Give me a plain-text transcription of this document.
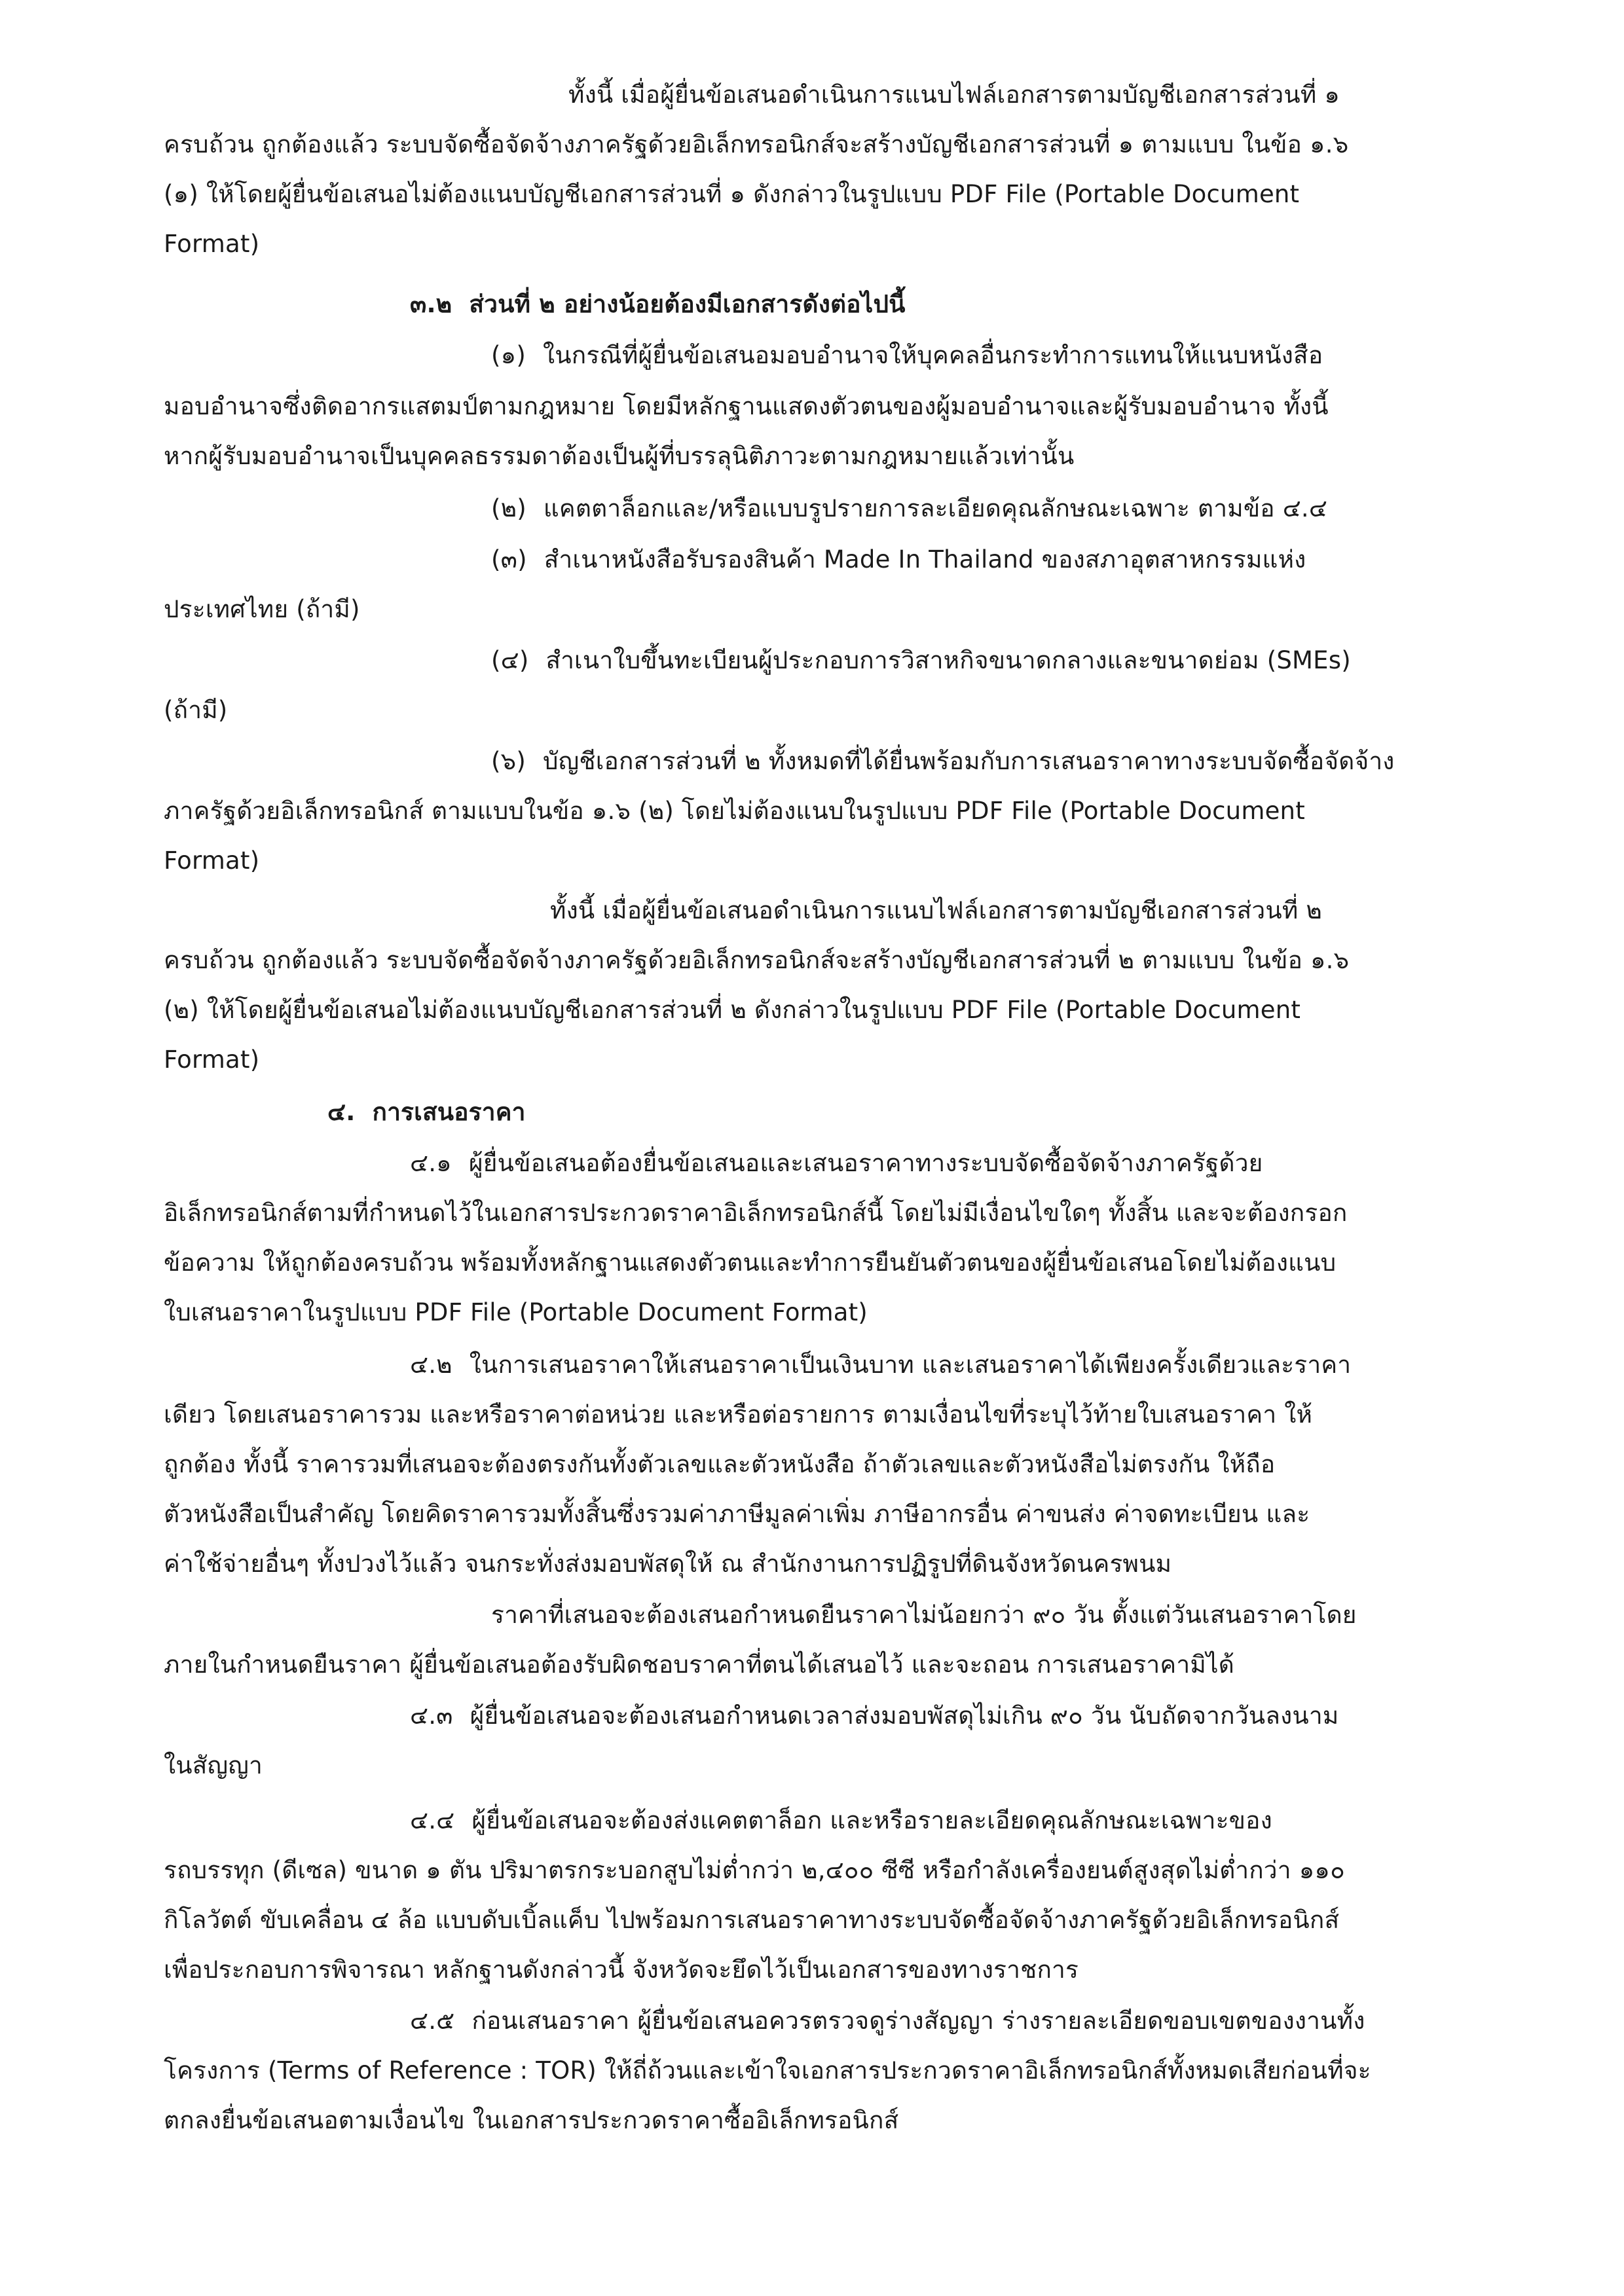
ทั้งนี้ เมื่อผู้ยื่นข้อเสนอดำเนินการแนบไฟล์เอกสารตามบัญชีเอกสารส่วนที่ ๑
ครบถ้วน ถูกต้องแล้ว ระบบจัดซื้อจัดจ้างภาครัฐด้วยอิเล็กทรอนิกส์จะสร้างบัญชีเอกสารส่วนที่ ๑ ตามแบบ ในข้อ ๑.๖
(๑) ให้โดยผู้ยื่นข้อเสนอไม่ต้องแนบบัญชีเอกสารส่วนที่ ๑ ดังกล่าวในรูปแบบ PDF File (Portable Document
Format)
๓.๒ ส่วนที่ ๒ อย่างน้อยต้องมีเอกสารดังต่อไปนี้
(๑) ในกรณีที่ผู้ยื่นข้อเสนอมอบอำนาจให้บุคคลอื่นกระทำการแทนให้แนบหนังสือ
มอบอำนาจซึ่งติดอากรแสตมป์ตามกฎหมาย โดยมีหลักฐานแสดงตัวตนของผู้มอบอำนาจและผู้รับมอบอำนาจ ทั้งนี้
หากผู้รับมอบอำนาจเป็นบุคคลธรรมดาต้องเป็นผู้ที่บรรลุนิติภาวะตามกฎหมายแล้วเท่านั้น
(๒) แคตตาล็อกและ/หรือแบบรูปรายการละเอียดคุณลักษณะเฉพาะ ตามข้อ ๔.๔
(๓) สำเนาหนังสือรับรองสินค้า Made In Thailand ของสภาอุตสาหกรรมแห่ง
ประเทศไทย (ถ้ามี)
(๔) สำเนาใบขึ้นทะเบียนผู้ประกอบการวิสาหกิจขนาดกลางและขนาดย่อม (SMEs)
(ถ้ามี)
(๖) บัญชีเอกสารส่วนที่ ๒ ทั้งหมดที่ได้ยื่นพร้อมกับการเสนอราคาทางระบบจัดซื้อจัดจ้าง
ภาครัฐด้วยอิเล็กทรอนิกส์ ตามแบบในข้อ ๑.๖ (๒) โดยไม่ต้องแนบในรูปแบบ PDF File (Portable Document
Format)
ทั้งนี้ เมื่อผู้ยื่นข้อเสนอดำเนินการแนบไฟล์เอกสารตามบัญชีเอกสารส่วนที่ ๒
ครบถ้วน ถูกต้องแล้ว ระบบจัดซื้อจัดจ้างภาครัฐด้วยอิเล็กทรอนิกส์จะสร้างบัญชีเอกสารส่วนที่ ๒ ตามแบบ ในข้อ ๑.๖
(๒) ให้โดยผู้ยื่นข้อเสนอไม่ต้องแนบบัญชีเอกสารส่วนที่ ๒ ดังกล่าวในรูปแบบ PDF File (Portable Document
Format)
๔. การเสนอราคา
๔.๑ ผู้ยื่นข้อเสนอต้องยื่นข้อเสนอและเสนอราคาทางระบบจัดซื้อจัดจ้างภาครัฐด้วย
อิเล็กทรอนิกส์ตามที่กำหนดไว้ในเอกสารประกวดราคาอิเล็กทรอนิกส์นี้ โดยไม่มีเงื่อนไขใดๆ ทั้งสิ้น และจะต้องกรอก
ข้อความ ให้ถูกต้องครบถ้วน พร้อมทั้งหลักฐานแสดงตัวตนและทำการยืนยันตัวตนของผู้ยื่นข้อเสนอโดยไม่ต้องแนบ
ใบเสนอราคาในรูปแบบ PDF File (Portable Document Format)
๔.๒ ในการเสนอราคาให้เสนอราคาเป็นเงินบาท และเสนอราคาได้เพียงครั้งเดียวและราคา
เดียว โดยเสนอราคารวม และหรือราคาต่อหน่วย และหรือต่อรายการ ตามเงื่อนไขที่ระบุไว้ท้ายใบเสนอราคา ให้
ถูกต้อง ทั้งนี้ ราคารวมที่เสนอจะต้องตรงกันทั้งตัวเลขและตัวหนังสือ ถ้าตัวเลขและตัวหนังสือไม่ตรงกัน ให้ถือ
ตัวหนังสือเป็นสำคัญ โดยคิดราคารวมทั้งสิ้นซึ่งรวมค่าภาษีมูลค่าเพิ่ม ภาษีอากรอื่น ค่าขนส่ง ค่าจดทะเบียน และ
ค่าใช้จ่ายอื่นๆ ทั้งปวงไว้แล้ว จนกระทั่งส่งมอบพัสดุให้ ณ สำนักงานการปฏิรูปที่ดินจังหวัดนครพนม
ราคาที่เสนอจะต้องเสนอกำหนดยืนราคาไม่น้อยกว่า ๙๐ วัน ตั้งแต่วันเสนอราคาโดย
ภายในกำหนดยืนราคา ผู้ยื่นข้อเสนอต้องรับผิดชอบราคาที่ตนได้เสนอไว้ และจะถอน การเสนอราคามิได้
๔.๓ ผู้ยื่นข้อเสนอจะต้องเสนอกำหนดเวลาส่งมอบพัสดุไม่เกิน ๙๐ วัน นับถัดจากวันลงนาม
ในสัญญา
๔.๔ ผู้ยื่นข้อเสนอจะต้องส่งแคตตาล็อก และหรือรายละเอียดคุณลักษณะเฉพาะของ
รถบรรทุก (ดีเซล) ขนาด ๑ ตัน ปริมาตรกระบอกสูบไม่ต่ำกว่า ๒,๔๐๐ ซีซี หรือกำลังเครื่องยนต์สูงสุดไม่ต่ำกว่า ๑๑๐
กิโลวัตต์ ขับเคลื่อน ๔ ล้อ แบบดับเบิ้ลแค็บ ไปพร้อมการเสนอราคาทางระบบจัดซื้อจัดจ้างภาครัฐด้วยอิเล็กทรอนิกส์
เพื่อประกอบการพิจารณา หลักฐานดังกล่าวนี้ จังหวัดจะยึดไว้เป็นเอกสารของทางราชการ
๔.๕ ก่อนเสนอราคา ผู้ยื่นข้อเสนอควรตรวจดูร่างสัญญา ร่างรายละเอียดขอบเขตของงานทั้ง
โครงการ (Terms of Reference : TOR) ให้ถี่ถ้วนและเข้าใจเอกสารประกวดราคาอิเล็กทรอนิกส์ทั้งหมดเสียก่อนที่จะ
ตกลงยื่นข้อเสนอตามเงื่อนไข ในเอกสารประกวดราคาซื้ออิเล็กทรอนิกส์
